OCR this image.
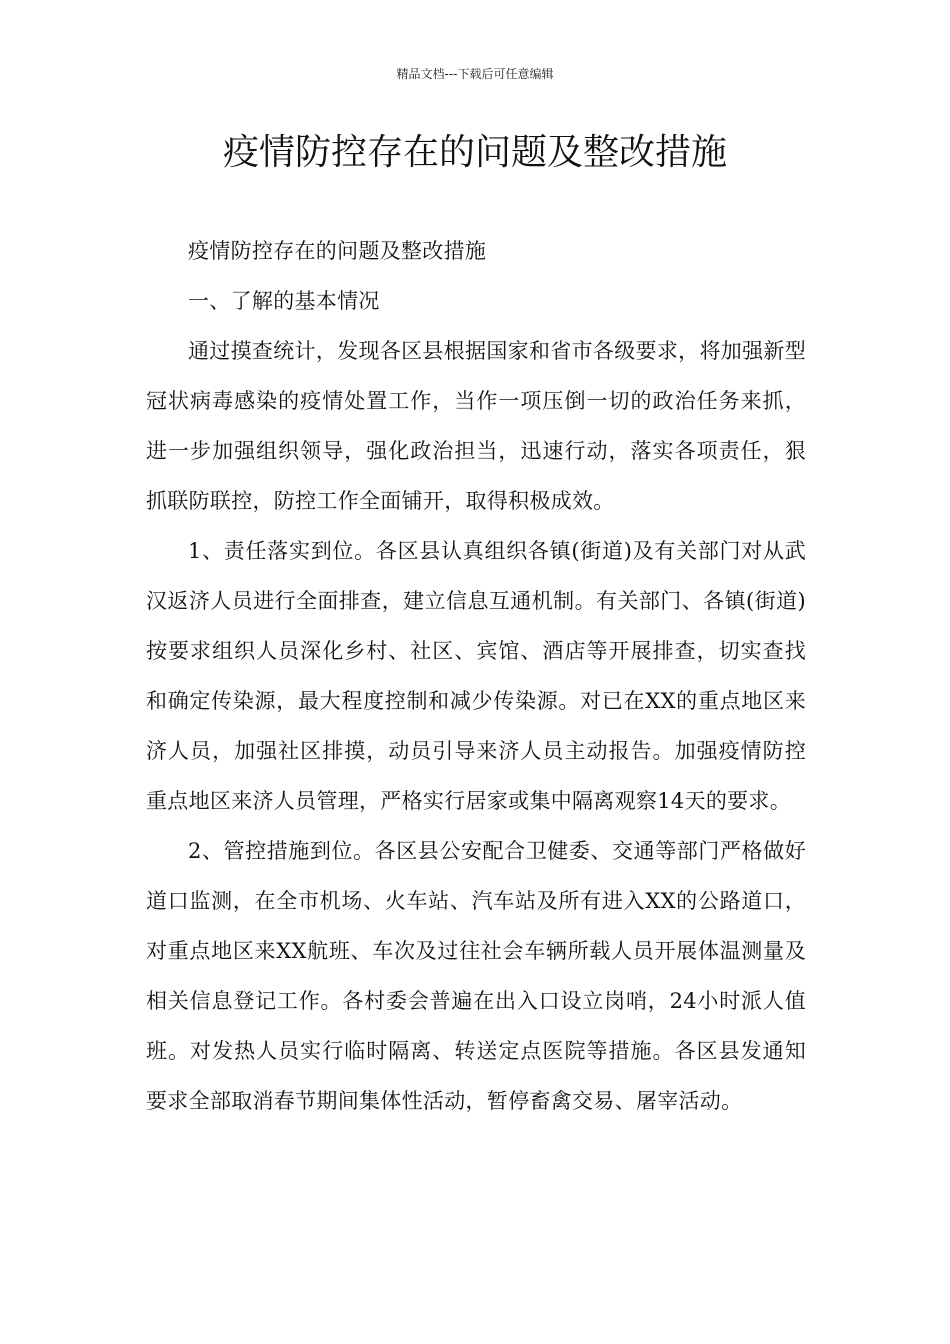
精品文档---下载后可任意编辑
疫情防控存在的问题及整改措施

疫情防控存在的问题及整改措施

一、了解的基本情况

通过摸查统计，发现各区县根据国家和省市各级要求，将加强新型冠状病毒感染的疫情处置工作，当作一项压倒一切的政治任务来抓，进一步加强组织领导，强化政治担当，迅速行动，落实各项责任，狠抓联防联控，防控工作全面铺开，取得积极成效。

1、责任落实到位。各区县认真组织各镇(街道)及有关部门对从武汉返济人员进行全面排查，建立信息互通机制。有关部门、各镇(街道)按要求组织人员深化乡村、社区、宾馆、酒店等开展排查，切实查找和确定传染源，最大程度控制和减少传染源。对已在XX的重点地区来济人员，加强社区排摸，动员引导来济人员主动报告。加强疫情防控重点地区来济人员管理，严格实行居家或集中隔离观察14天的要求。

2、管控措施到位。各区县公安配合卫健委、交通等部门严格做好道口监测，在全市机场、火车站、汽车站及所有进入XX的公路道口，对重点地区来XX航班、车次及过往社会车辆所载人员开展体温测量及相关信息登记工作。各村委会普遍在出入口设立岗哨，24小时派人值班。对发热人员实行临时隔离、转送定点医院等措施。各区县发通知要求全部取消春节期间集体性活动，暂停畜禽交易、屠宰活动。
